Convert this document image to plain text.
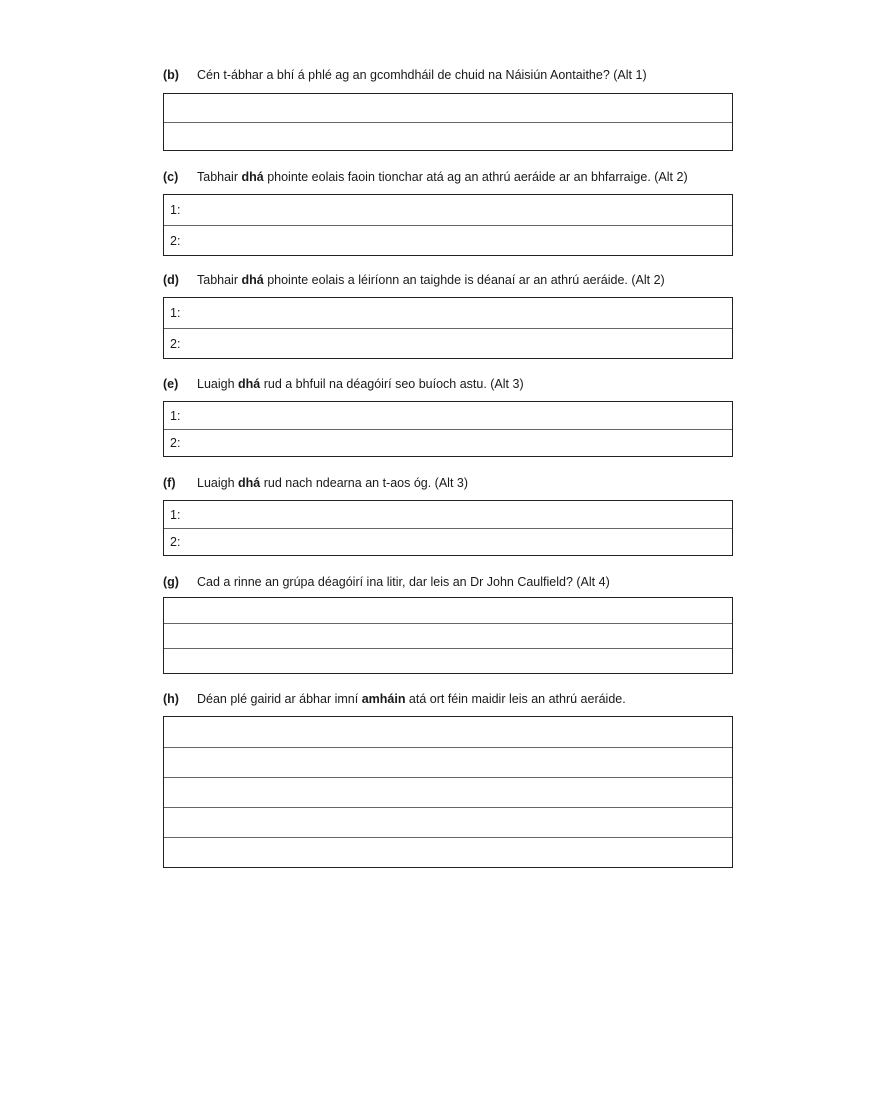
(b) Cén t-ábhar a bhí á phlé ag an gcomhdháil de chuid na Náisiún Aontaithe? (Alt 1)
(c) Tabhair dhá phointe eolais faoin tionchar atá ag an athrú aeráide ar an bhfarraige. (Alt 2)
1:
2:
(d) Tabhair dhá phointe eolais a léiríonn an taighde is déanaí ar an athrú aeráide. (Alt 2)
1:
2:
(e) Luaigh dhá rud a bhfuil na déagóirí seo buíoch astu. (Alt 3)
1:
2:
(f) Luaigh dhá rud nach ndearna an t-aos óg. (Alt 3)
1:
2:
(g) Cad a rinne an grúpa déagóirí ina litir, dar leis an Dr John Caulfield? (Alt 4)
(h) Déan plé gairid ar ábhar imní amháin atá ort féin maidir leis an athrú aeráide.
